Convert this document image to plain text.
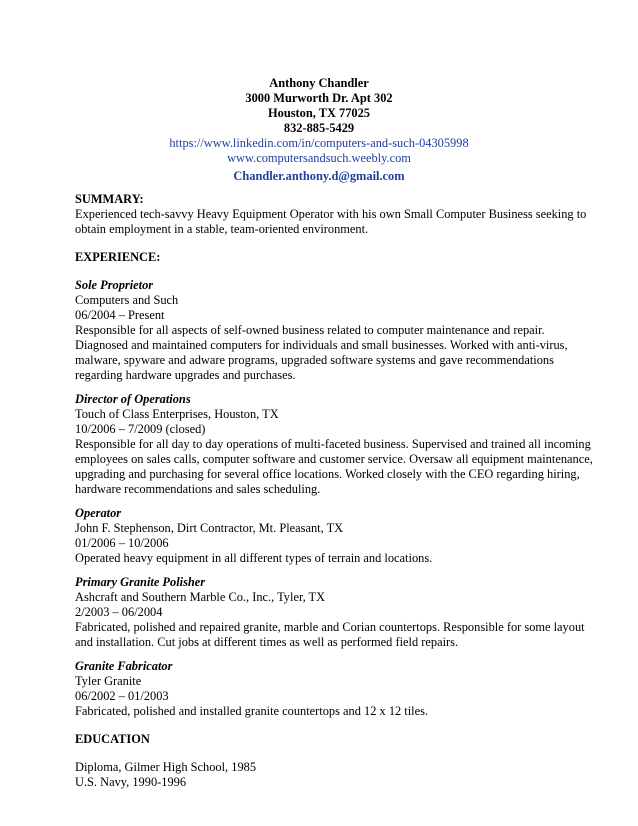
Anthony Chandler
3000 Murworth Dr. Apt 302
Houston, TX 77025
832-885-5429
https://www.linkedin.com/in/computers-and-such-04305998
www.computersandsuch.weebly.com
Chandler.anthony.d@gmail.com
SUMMARY:
Experienced tech-savvy Heavy Equipment Operator with his own Small Computer Business seeking to
obtain employment in a stable, team-oriented environment.
EXPERIENCE:
Sole Proprietor
Computers and Such
06/2004 – Present
Responsible for all aspects of self-owned business related to computer maintenance and repair.
Diagnosed and maintained computers for individuals and small businesses. Worked with anti-virus,
malware, spyware and adware programs, upgraded software systems and gave recommendations
regarding hardware upgrades and purchases.
Director of Operations
Touch of Class Enterprises, Houston, TX
10/2006 – 7/2009 (closed)
Responsible for all day to day operations of multi-faceted business. Supervised and trained all incoming
employees on sales calls, computer software and customer service. Oversaw all equipment maintenance,
upgrading and purchasing for several office locations. Worked closely with the CEO regarding hiring,
hardware recommendations and sales scheduling.
Operator
John F. Stephenson, Dirt Contractor, Mt. Pleasant, TX
01/2006 – 10/2006
Operated heavy equipment in all different types of terrain and locations.
Primary Granite Polisher
Ashcraft and Southern Marble Co., Inc., Tyler, TX
2/2003 – 06/2004
Fabricated, polished and repaired granite, marble and Corian countertops. Responsible for some layout
and installation. Cut jobs at different times as well as performed field repairs.
Granite Fabricator
Tyler Granite
06/2002 – 01/2003
Fabricated, polished and installed granite countertops and 12 x 12 tiles.
EDUCATION
Diploma, Gilmer High School, 1985
U.S. Navy, 1990-1996
